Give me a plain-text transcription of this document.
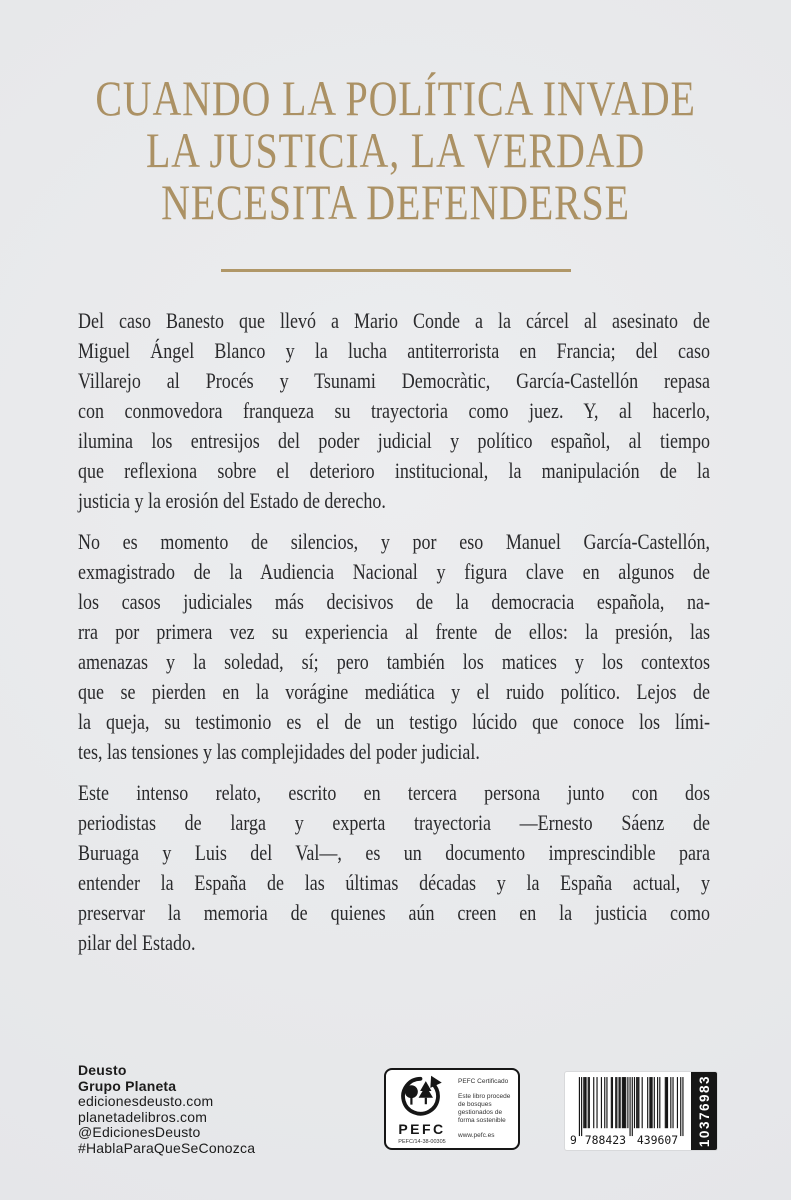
CUANDO LA POLÍTICA INVADE
LA JUSTICIA, LA VERDAD
NECESITA DEFENDERSE
Del caso Banesto que llevó a Mario Conde a la cárcel al asesinato de
Miguel Ángel Blanco y la lucha antiterrorista en Francia; del caso
Villarejo al Procés y Tsunami Democràtic, García-Castellón repasa
con conmovedora franqueza su trayectoria como juez. Y, al hacerlo,
ilumina los entresijos del poder judicial y político español, al tiempo
que reflexiona sobre el deterioro institucional, la manipulación de la
justicia y la erosión del Estado de derecho.
No es momento de silencios, y por eso Manuel García-Castellón,
exmagistrado de la Audiencia Nacional y figura clave en algunos de
los casos judiciales más decisivos de la democracia española, na-
rra por primera vez su experiencia al frente de ellos: la presión, las
amenazas y la soledad, sí; pero también los matices y los contextos
que se pierden en la vorágine mediática y el ruido político. Lejos de
la queja, su testimonio es el de un testigo lúcido que conoce los lími-
tes, las tensiones y las complejidades del poder judicial.
Este intenso relato, escrito en tercera persona junto con dos
periodistas de larga y experta trayectoria —Ernesto Sáenz de
Buruaga y Luis del Val—, es un documento imprescindible para
entender la España de las últimas décadas y la España actual, y
preservar la memoria de quienes aún creen en la justicia como
pilar del Estado.
Deusto
Grupo Planeta
edicionesdeusto.com
planetadelibros.com
@EdicionesDeusto
#HablaParaQueSeConozca
PEFC
PEFC/14-38-00305
PEFC Certificado
Este libro procede de bosques gestionados de forma sostenible
www.pefc.es	9 788423 439607 10376983
